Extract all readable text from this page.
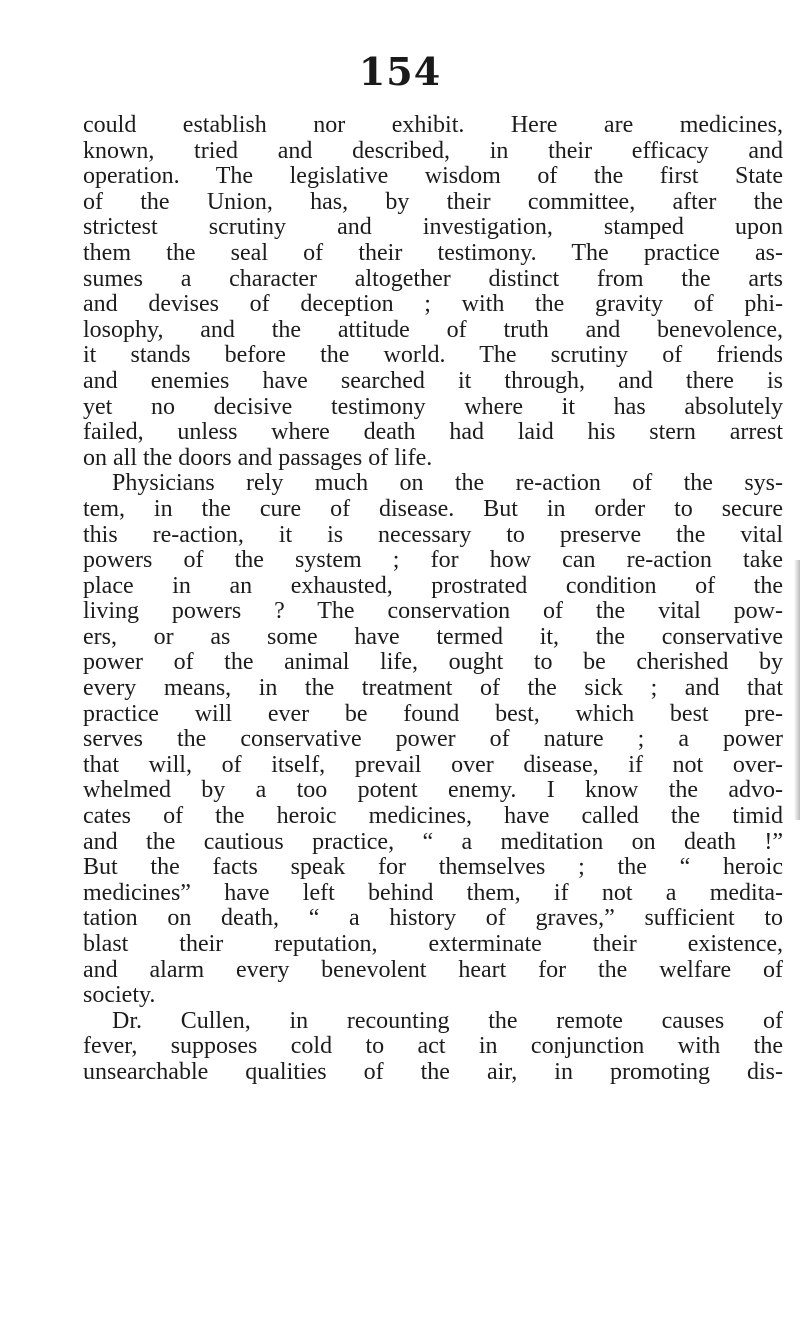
154
could establish nor exhibit. Here are medicines,
known, tried and described, in their efficacy and
operation. The legislative wisdom of the first State
of the Union, has, by their committee, after the
strictest scrutiny and investigation, stamped upon
them the seal of their testimony. The practice as-
sumes a character altogether distinct from the arts
and devises of deception ; with the gravity of phi-
losophy, and the attitude of truth and benevolence,
it stands before the world. The scrutiny of friends
and enemies have searched it through, and there is
yet no decisive testimony where it has absolutely
failed, unless where death had laid his stern arrest
on all the doors and passages of life.
Physicians rely much on the re-action of the sys-
tem, in the cure of disease. But in order to secure
this re-action, it is necessary to preserve the vital
powers of the system ; for how can re-action take
place in an exhausted, prostrated condition of the
living powers ? The conservation of the vital pow-
ers, or as some have termed it, the conservative
power of the animal life, ought to be cherished by
every means, in the treatment of the sick ; and that
practice will ever be found best, which best pre-
serves the conservative power of nature ; a power
that will, of itself, prevail over disease, if not over-
whelmed by a too potent enemy. I know the advo-
cates of the heroic medicines, have called the timid
and the cautious practice, “ a meditation on death !”
But the facts speak for themselves ; the “ heroic
medicines” have left behind them, if not a medita-
tation on death, “ a history of graves,” sufficient to
blast their reputation, exterminate their existence,
and alarm every benevolent heart for the welfare of
society.
Dr. Cullen, in recounting the remote causes of
fever, supposes cold to act in conjunction with the
unsearchable qualities of the air, in promoting dis-
